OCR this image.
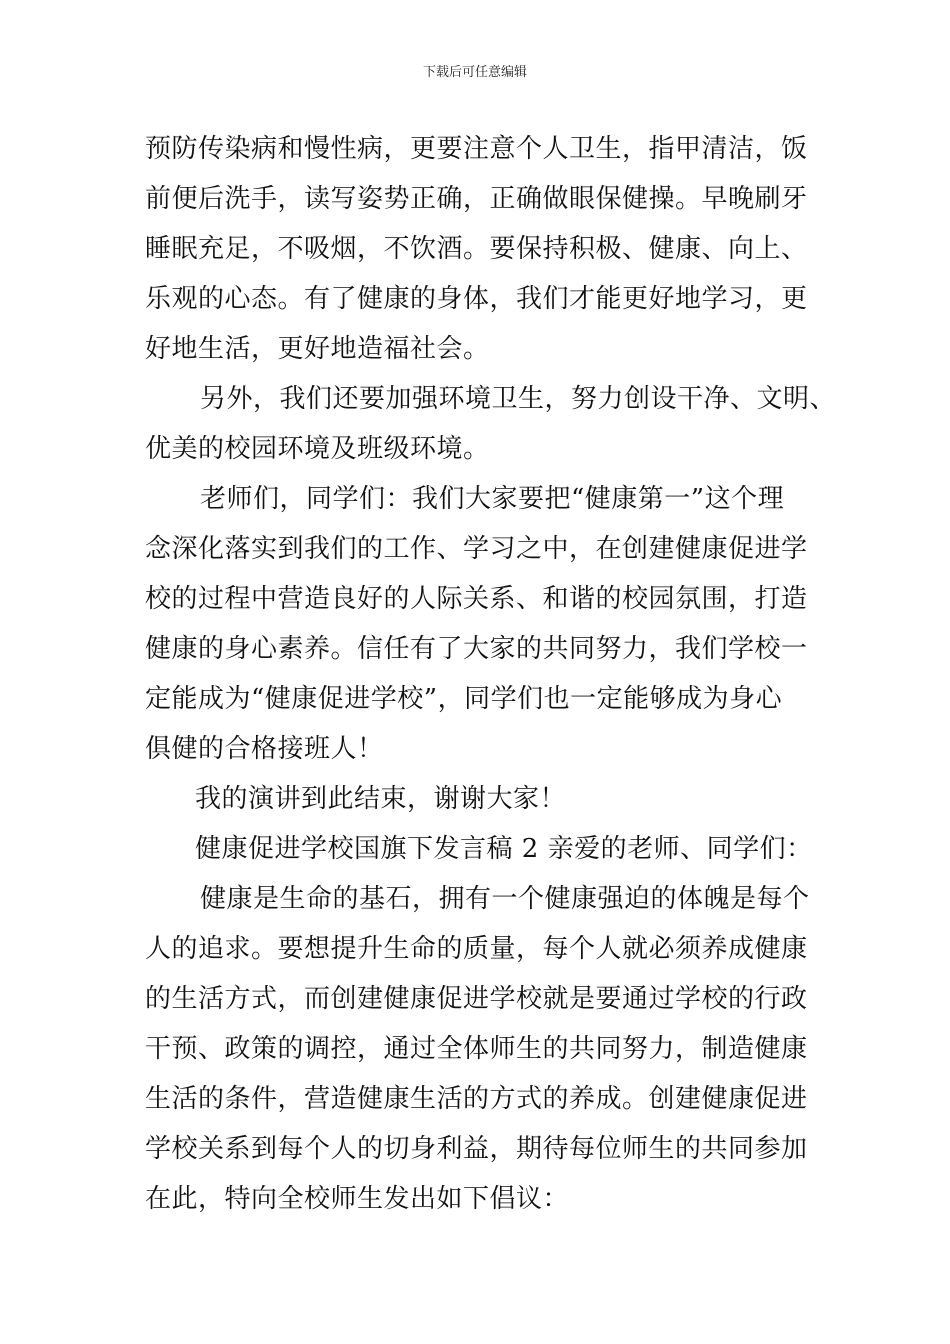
下载后可任意编辑
预防传染病和慢性病，更要注意个人卫生，指甲清洁，饭
前便后洗手，读写姿势正确，正确做眼保健操。早晚刷牙
睡眠充足，不吸烟，不饮酒。要保持积极、健康、向上、
乐观的心态。有了健康的身体，我们才能更好地学习，更
好地生活，更好地造福社会。
另外，我们还要加强环境卫生，努力创设干净、文明、
优美的校园环境及班级环境。
老师们，同学们：我们大家要把“健康第一”这个理
念深化落实到我们的工作、学习之中，在创建健康促进学
校的过程中营造良好的人际关系、和谐的校园氛围，打造
健康的身心素养。信任有了大家的共同努力，我们学校一
定能成为“健康促进学校”，同学们也一定能够成为身心
俱健的合格接班人！
我的演讲到此结束，谢谢大家！
健康促进学校国旗下发言稿 2 亲爱的老师、同学们：
健康是生命的基石，拥有一个健康强迫的体魄是每个
人的追求。要想提升生命的质量，每个人就必须养成健康
的生活方式，而创建健康促进学校就是要通过学校的行政
干预、政策的调控，通过全体师生的共同努力，制造健康
生活的条件，营造健康生活的方式的养成。创建健康促进
学校关系到每个人的切身利益，期待每位师生的共同参加
在此，特向全校师生发出如下倡议：
